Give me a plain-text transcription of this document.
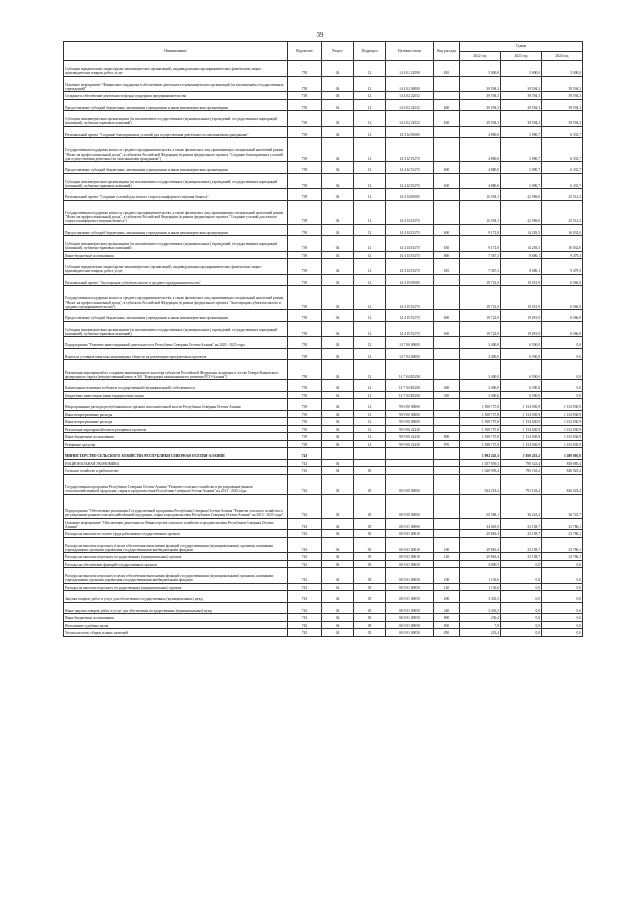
39
Наименование	Ведомство	Раздел	Подраздел	Целевая статья	Вид расхода	Сумма		
						2022 год	2023 год	2024 год
Субсидии юридическим лицам (кроме некоммерческих организаций), индивидуальным предпринимателям, физическим лицам - производителям товаров, работ, услуг	739	04	12	14 4 01 22590	810	5 000,0	5 000,0	5 000,0
Основное мероприятие "Финансовое поддержка в обеспечении деятельности некоммерческих организаций (за исключением государственных учреждений)"	739	04	12	14 4 02 00000		39 594,3	39 594,3	39 594,3
Создание и обеспечение деятельности фонда поддержки предпринимательства	739	04	12	14 4 02 22552		39 594,3	39 594,3	39 594,3
Предоставление субсидий бюджетным, автономным учреждениям и иным некоммерческим организациям	739	04	12	14 4 02 22552	600	39 594,3	39 594,3	39 594,3
Субсидии некоммерческим организациям (за исключением государственных (муниципальных) учреждений, государственных корпораций (компаний), публично-правовых компаний)	739	04	12	14 4 02 22552	630	39 594,3	39 594,3	39 594,3
Региональный проект "Создание благоприятных условий для осуществления деятельности самозанятыми гражданами"	739	04	12	14 4 I2 00000		4 880,0	5 090,7	6 333,7
Государственная поддержка малого и среднего предпринимательства, а также физических лиц, применяющих специальный налоговый режим "Налог на профессиональный доход", в субъектах Российской Федерации (в рамках федерального проекта "Создание благоприятных условий для осуществления деятельности самозанятыми гражданами")	739	04	12	14 4 I2 55270		4 880,0	5 090,7	6 333,7
Предоставление субсидий бюджетным, автономным учреждениям и иным некоммерческим организациям	739	04	12	14 4 I2 55270	600	4 880,0	5 090,7	6 333,7
Субсидии некоммерческим организациям (за исключением государственных (муниципальных) учреждений, государственных корпораций (компаний), публично-правовых компаний)	739	04	12	14 4 I2 55270	630	4 880,0	5 090,7	6 333,7
Региональный проект "Создание условий для легкого старта и комфортного ведения бизнеса"	739	04	12	14 4 I4 00000		16 594,1	22 969,6	25 512,3
Государственная поддержка малого и среднего предпринимательства, а также физических лиц, применяющих специальный налоговый режим "Налог на профессиональный доход", в субъектах Российской Федерации (в рамках федерального проекта "Создание условий для легкого старта и комфортного ведения бизнеса")	739	04	12	14 4 I4 55270		16 594,1	22 969,6	25 512,3
Предоставление субсидий бюджетным, автономным учреждениям и иным некоммерческим организациям	739	04	12	14 4 I4 55270	600	9 172,8	14 283,5	16 032,0
Субсидии некоммерческим организациям (за исключением государственных (муниципальных) учреждений, государственных корпораций (компаний), публично-правовых компаний)	739	04	12	14 4 I4 55270	630	9 172,8	14 283,5	16 032,0
Иные бюджетные ассигнования	739	04	12	14 4 I4 55270	800	7 367,3	8 686,1	9 479,3
Субсидии юридическим лицам (кроме некоммерческих организаций), индивидуальным предпринимателям, физическим лицам - производителям товаров, работ, услуг	739	04	12	14 4 I4 55270	810	7 367,3	8 686,1	9 479,3
Региональный проект "Акселерация субъектов малого и среднего предпринимательства"	739	04	12	14 4 I5 00000		18 722,9	19 051,9	6 566,9
Государственная поддержка малого и среднего предпринимательства, а также физических лиц, применяющих специальный налоговый режим "Налог на профессиональный доход", в субъектах Российской Федерации (в рамках федерального проекта "Акселерация субъектов малого и среднего предпринимательства")	739	04	12	14 4 I5 55270		18 722,9	19 051,9	6 566,9
Предоставление субсидий бюджетным, автономным учреждениям и иным некоммерческим организациям	739	04	12	14 4 I5 55270	600	18 722,9	19 051,9	6 566,9
Субсидии некоммерческим организациям (за исключением государственных (муниципальных) учреждений, государственных корпораций (компаний), публично-правовых компаний)	739	04	12	14 4 I5 55270	630	18 722,9	19 051,9	6 566,9
Подпрограмма "Развитие инвестиционной деятельности в Республике Северная Осетия-Алания" на 2020 - 2025 годы	739	04	12	14 7 00 00000		3 400,0	6 500,0	0,0
Взносы в уставные капиталы акционерных обществ на реализацию приоритетных проектов	739	04	12	14 7 04 00000		3 400,0	6 500,0	0,0
Реализация мероприятий по созданию инновационного кластера субъектов Российской Федерации, входящих в состав Северо-Кавказского федерального округа (имущественный взнос в АО "Корпорация инновационного развития РСО-Алания")	739	04	12	14 7 04 R5230		3 400,0	6 500,0	0,0
Капитальные вложения в объекты государственной (муниципальной) собственности	739	04	12	14 7 04 R5230	400	3 400,0	6 500,0	0,0
Бюджетные инвестиции иным юридическим лицам	739	04	12	14 7 04 R5230	450	3 400,0	6 500,0	0,0
Непрограммные расходы республиканского органов исполнительной власти Республики Северная Осетия-Алания	739	04	12	99 0 00 00000		1 508 737,8	1 154 030,9	1 154 030,9
Иные непрограммные расходы	739	04	12	99 9 00 00000		1 508 737,8	1 154 030,9	1 154 030,9
Иные непрограммные расходы	739	04	12	99 9 00 00000		1 508 737,8	1 154 030,9	1 154 030,9
Реализация мероприятий пакета резервных проектов	739	04	12	99 9 00 22220		1 508 737,8	1 154 030,9	1 154 030,9
Иные бюджетные ассигнования	739	04	12	99 9 00 22220	800	1 508 737,8	1 154 030,9	1 154 030,9
Резервные средства	739	04	12	99 9 00 22220	870	1 508 737,8	1 154 030,9	1 154 030,9
МИНИСТЕРСТВО СЕЛЬСКОГО ХОЗЯЙСТВА РЕСПУБЛИКИ СЕВЕРНАЯ ОСЕТИЯ-АЛАНИЯ	743					1 992 245,3	1 050 433,2	1 280 005,0
НАЦИОНАЛЬНАЯ ЭКОНОМИКА	743	04				1 057 659,5	790 523,4	858 885,4
Сельское хозяйство и рыболовство	743	04	05			1 028 993,4	790 163,4	826 923,4
Государственная программа Республики Северная Осетия-Алания "Развитие сельского хозяйства и регулирование рынков сельскохозяйственной продукции, сырья и продовольствия Республики Северная Осетия-Алания" на 2013 - 2025 годы	743	04	05	06 0 00 00000		924 218,2	791 163,4	826 923,4
Подпрограмма "Обеспечение реализации Государственной программы Республики Северная Осетия-Алания "Развитие сельского хозяйства и регулирование рынков сельскохозяйственной продукции, сырья и продовольствия Республики Северная Осетия-Алания" на 2013 - 2025 годы"	743	04	05	06 9 00 00000		50 568,1	36 223,3	36 722,7
Основное мероприятие "Обеспечение деятельности Министерства сельского хозяйства и продовольствия Республики Северная Осетия-Алания"	743	04	05	06 9 01 00000		34 663,9	23 158,7	23 786,1
Расходы на выплаты по оплате труда работников государственных органов	743	04	05	06 9 01 00010		29 863,4	23 158,7	23 786,1
Расходы на выплаты персоналу в целях обеспечения выполнения функций государственными (муниципальными) органами, казенными учреждениями, органами управления государственными внебюджетными фондами	743	04	05	06 9 01 00010	100	29 863,4	23 158,7	23 786,1
Расходы на выплаты персоналу государственных (муниципальных) органов	743	04	05	06 9 01 00010	120	29 863,4	23 158,7	23 786,1
Расходы на обеспечение функций государственных органов	743	04	05	06 9 01 00050		4 800,5	0,0	0,0
Расходы на выплаты персоналу в целях обеспечения выполнения функций государственными (муниципальными) органами, казенными учреждениями, органами управления государственными внебюджетными фондами	743	04	05	06 9 01 00050	100	1 136,6	0,0	0,0
Расходы на выплаты персоналу государственных (муниципальных) органов	743	04	05	06 9 01 00050	120	1 136,6	0,0	0,0
Закупка товаров, работ и услуг для обеспечения государственных (муниципальных) нужд	743	04	05	06 9 01 00050	200	3 433,5	0,0	0,0
Иные закупки товаров, работ и услуг для обеспечения государственных (муниципальных) нужд	743	04	05	06 9 01 00050	240	3 433,5	0,0	0,0
Иные бюджетные ассигнования	743	04	05	06 9 01 00050	800	230,4	0,0	0,0
Исполнение судебных актов	743	04	05	06 9 01 00050	830	7,0	0,0	0,0
Уплата налогов, сборов и иных платежей	743	04	05	06 9 01 00050	850	223,4	0,0	0,0
